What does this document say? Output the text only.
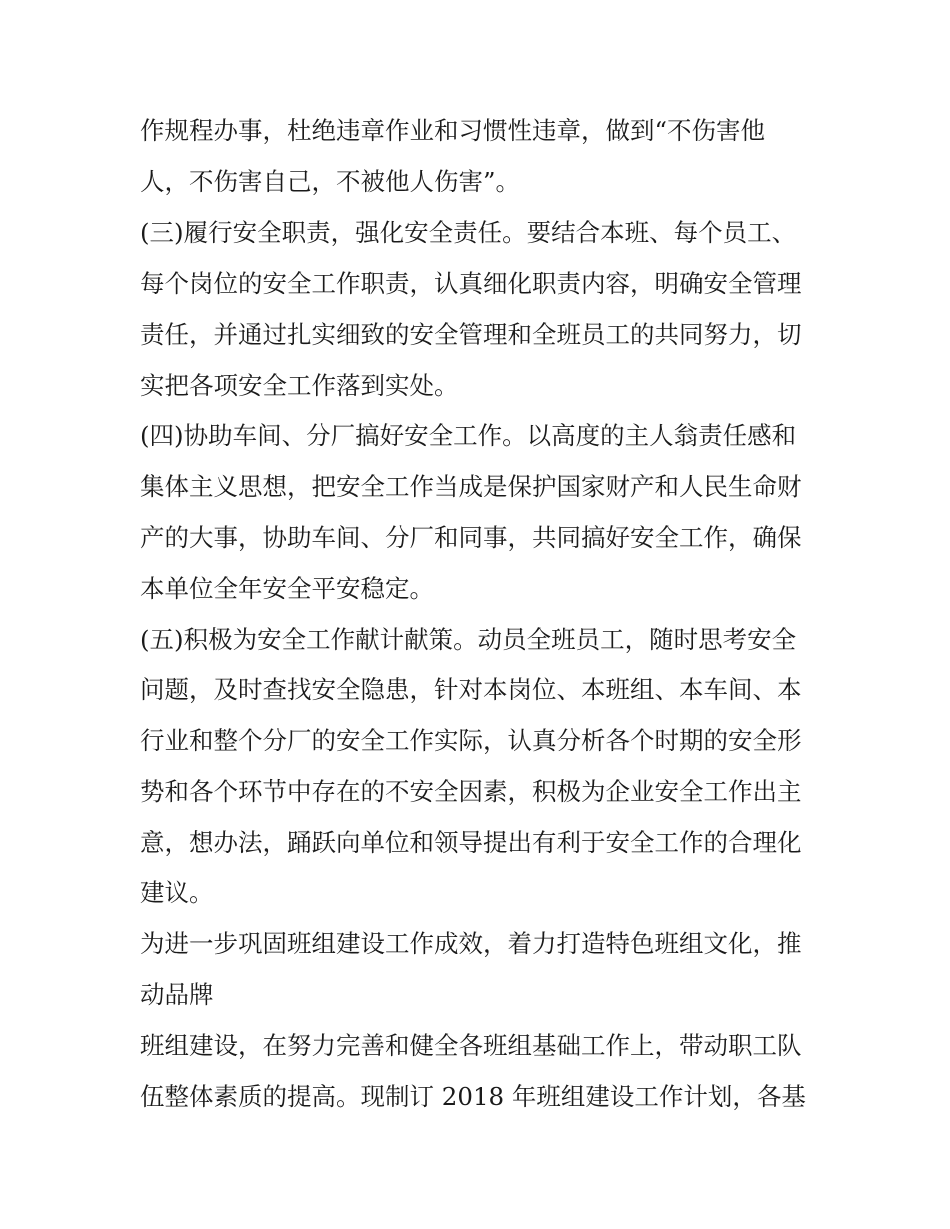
作规程办事，杜绝违章作业和习惯性违章，做到“不伤害他

人，不伤害自己，不被他人伤害”。

(三)履行安全职责，强化安全责任。要结合本班、每个员工、

每个岗位的安全工作职责，认真细化职责内容，明确安全管理

责任，并通过扎实细致的安全管理和全班员工的共同努力，切

实把各项安全工作落到实处。

(四)协助车间、分厂搞好安全工作。以高度的主人翁责任感和

集体主义思想，把安全工作当成是保护国家财产和人民生命财

产的大事，协助车间、分厂和同事，共同搞好安全工作，确保

本单位全年安全平安稳定。

(五)积极为安全工作献计献策。动员全班员工，随时思考安全

问题，及时查找安全隐患，针对本岗位、本班组、本车间、本

行业和整个分厂的安全工作实际，认真分析各个时期的安全形

势和各个环节中存在的不安全因素，积极为企业安全工作出主

意，想办法，踊跃向单位和领导提出有利于安全工作的合理化

建议。

为进一步巩固班组建设工作成效，着力打造特色班组文化，推

动品牌

班组建设，在努力完善和健全各班组基础工作上，带动职工队

伍整体素质的提高。现制订 2018 年班组建设工作计划，各基
